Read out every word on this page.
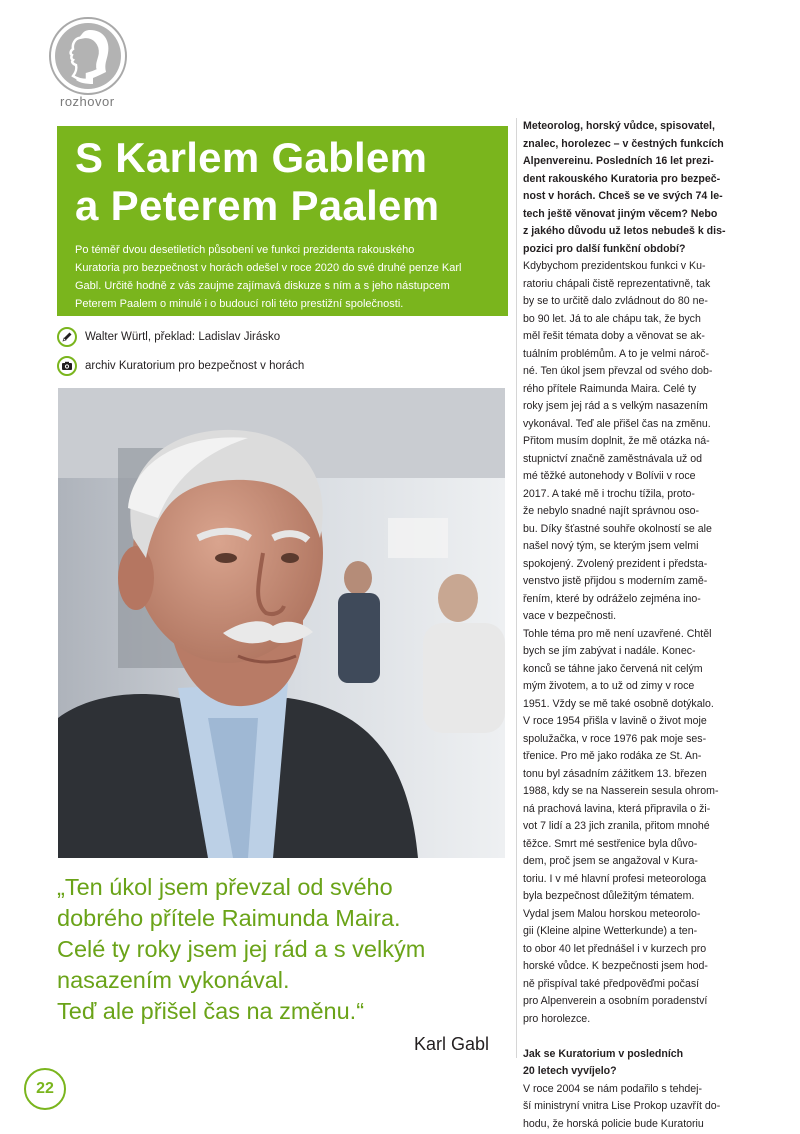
rozhovor
S Karlem Gablem
a Peterem Paalem
Po téměř dvou desetiletích působení ve funkci prezidenta rakouského
Kuratoria pro bezpečnost v horách odešel v roce 2020 do své druhé penze Karl
Gabl. Určitě hodně z vás zaujme zajímavá diskuze s ním a s jeho nástupcem
Peterem Paalem o minulé i o budoucí roli této prestižní společnosti.
Walter Würtl, překlad: Ladislav Jirásko
archiv Kuratorium pro bezpečnost v horách
„Ten úkol jsem převzal od svého
dobrého přítele Raimunda Maira.
Celé ty roky jsem jej rád a s velkým
nasazením vykonával.
Teď ale přišel čas na změnu.“
Karl Gabl
22
Meteorolog, horský vůdce, spisovatel,
znalec, horolezec – v čestných funkcích
Alpenvereinu. Posledních 16 let prezi-
dent rakouského Kuratoria pro bezpeč-
nost v horách. Chceš se ve svých 74 le-
tech ještě věnovat jiným věcem? Nebo
z jakého důvodu už letos nebudeš k dis-
pozici pro další funkční období?
Kdybychom prezidentskou funkci v Ku-
ratoriu chápali čistě reprezentativně, tak
by se to určitě dalo zvládnout do 80 ne-
bo 90 let. Já to ale chápu tak, že bych
měl řešit témata doby a věnovat se ak-
tuálním problémům. A to je velmi nároč-
né. Ten úkol jsem převzal od svého dob-
rého přítele Raimunda Maira. Celé ty
roky jsem jej rád a s velkým nasazením
vykonával. Teď ale přišel čas na změnu.
Přitom musím doplnit, že mě otázka ná-
stupnictví značně zaměstnávala už od
mé těžké autonehody v Bolívii v roce
2017. A také mě i trochu tížila, proto-
že nebylo snadné najít správnou oso-
bu. Díky šťastné souhře okolností se ale
našel nový tým, se kterým jsem velmi
spokojený. Zvolený prezident i předsta-
venstvo jistě přijdou s moderním zamě-
řením, které by odráželo zejména ino-
vace v bezpečnosti.
Tohle téma pro mě není uzavřené. Chtěl
bych se jím zabývat i nadále. Konec-
konců se táhne jako červená nit celým
mým životem, a to už od zimy v roce
1951. Vždy se mě také osobně dotýkalo.
V roce 1954 přišla v lavině o život moje
spolužačka, v roce 1976 pak moje ses-
třenice. Pro mě jako rodáka ze St. An-
tonu byl zásadním zážitkem 13. březen
1988, kdy se na Nasserein sesula ohrom-
ná prachová lavina, která připravila o ži-
vot 7 lidí a 23 jich zranila, přitom mnohé
těžce. Smrt mé sestřenice byla důvo-
dem, proč jsem se angažoval v Kura-
toriu. I v mé hlavní profesi meteorologa
byla bezpečnost důležitým tématem.
Vydal jsem Malou horskou meteorolo-
gii (Kleine alpine Wetterkunde) a ten-
to obor 40 let přednášel i v kurzech pro
horské vůdce. K bezpečnosti jsem hod-
ně přispíval také předpověďmi počasí
pro Alpenverein a osobním poradenství
pro horolezce.
Jak se Kuratorium v posledních
20 letech vyvíjelo?
V roce 2004 se nám podařilo s tehdej-
ší ministryní vnitra Lise Prokop uzavřít do-
hodu, že horská policie bude Kuratoriu
